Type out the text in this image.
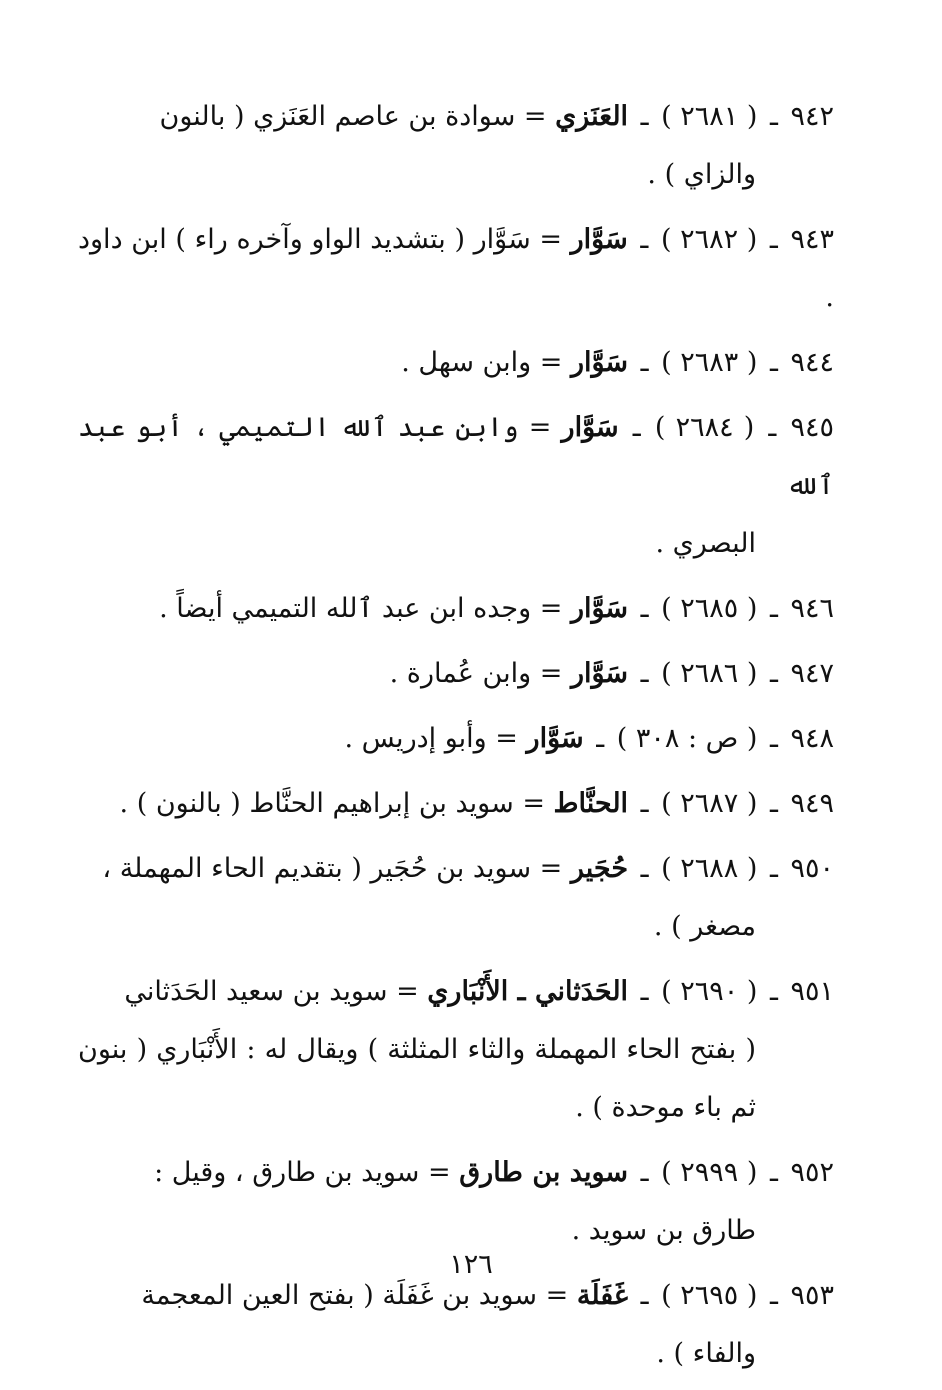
٩٤٢ ـ ( ٢٦٨١ ) ـ العَنَزي = سوادة بن عاصم العَنَزي ( بالنون
والزاي ) .
٩٤٣ ـ ( ٢٦٨٢ ) ـ سَوَّار = سَوَّار ( بتشديد الواو وآخره راء ) ابن داود .
٩٤٤ ـ ( ٢٦٨٣ ) ـ سَوَّار = وابن سهل .
٩٤٥ ـ ( ٢٦٨٤ ) ـ سَوَّار = وابن عبد ٱلله التميمي ، أبو عبد ٱلله
البصري .
٩٤٦ ـ ( ٢٦٨٥ ) ـ سَوَّار = وجده ابن عبد ٱلله التميمي أيضاً .
٩٤٧ ـ ( ٢٦٨٦ ) ـ سَوَّار = وابن عُمارة .
٩٤٨ ـ ( ص : ٣٠٨ ) ـ سَوَّار = وأبو إدريس .
٩٤٩ ـ ( ٢٦٨٧ ) ـ الحنَّاط = سويد بن إبراهيم الحنَّاط ( بالنون ) .
٩٥٠ ـ ( ٢٦٨٨ ) ـ حُجَير = سويد بن حُجَير ( بتقديم الحاء المهملة ،
مصغر ) .
٩٥١ ـ ( ٢٦٩٠ ) ـ الحَدَثاني ـ الأَنْبَاري = سويد بن سعيد الحَدَثاني
( بفتح الحاء المهملة والثاء المثلثة ) ويقال له : الأَنْبَاري ( بنون ثم باء موحدة ) .
٩٥٢ ـ ( ٢٩٩٩ ) ـ سويد بن طارق = سويد بن طارق ، وقيل :
طارق بن سويد .
٩٥٣ ـ ( ٢٦٩٥ ) ـ غَفَلَة = سويد بن غَفَلَة ( بفتح العين المعجمة
والفاء ) .
١٢٦
